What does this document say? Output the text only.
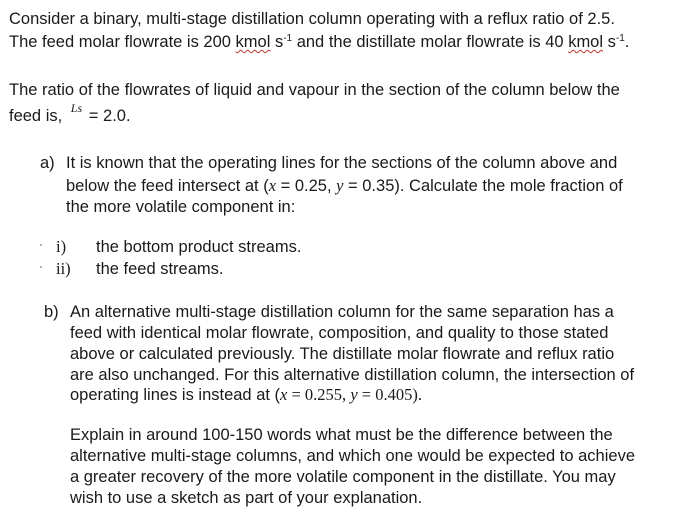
Consider a binary, multi-stage distillation column operating with a reflux ratio of 2.5.
The feed molar flowrate is 200 kmol $s^{-1}$ and the distillate molar flowrate is 40 kmol $s^{-1}$.
The ratio of the flowrates of liquid and vapour in the section of the column below the
feed is, Ls = 2.0.
a) It is known that the operating lines for the sections of the column above and
below the feed intersect at (x = 0.25, y = 0.35). Calculate the mole fraction of
the more volatile component in:
i) the bottom product streams.
ii) the feed streams.
b) An alternative multi-stage distillation column for the same separation has a
feed with identical molar flowrate, composition, and quality to those stated
above or calculated previously. The distillate molar flowrate and reflux ratio
are also unchanged. For this alternative distillation column, the intersection of
operating lines is instead at (x = 0.255, y = 0.405).
Explain in around 100-150 words what must be the difference between the
alternative multi-stage columns, and which one would be expected to achieve
a greater recovery of the more volatile component in the distillate. You may
wish to use a sketch as part of your explanation.
